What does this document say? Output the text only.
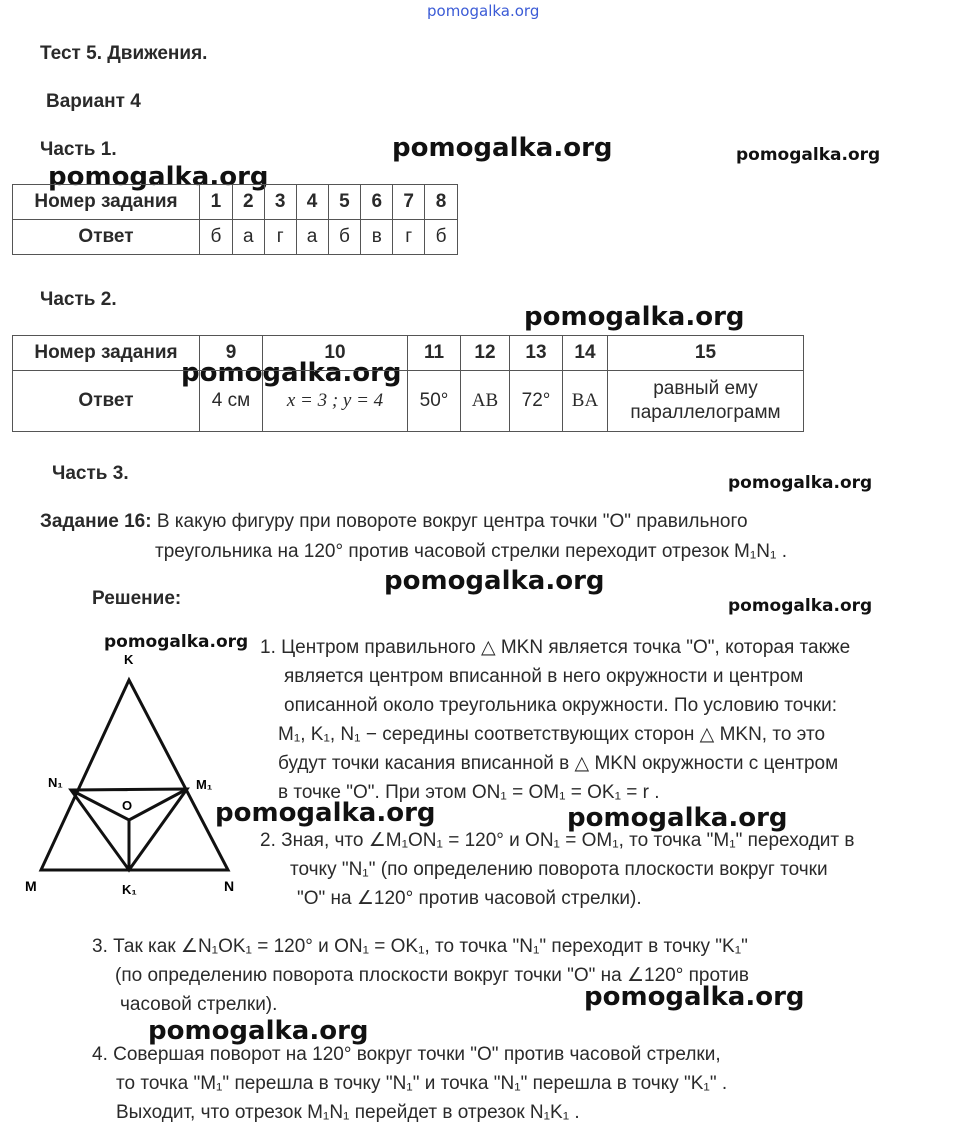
pomogalka.org
pomogalka.org	pomogalka.org
pomogalka.org
pomogalka.org
pomogalka.org
pomogalka.org
pomogalka.org
pomogalka.org
pomogalka.org
pomogalka.org	pomogalka.org
pomogalka.org
pomogalka.org
Тест 5. Движения.
Вариант 4
Часть 1.
Номер задания	1	2	3	4	5	6	7	8
Ответ	б	а	г	а	б	в	г	б
Часть 2.
Номер задания	9	10	11	12	13	14	15
Ответ	4 см	x = 3 ; y = 4	50°	AB	72°	BA	равный ему параллелограмм
Часть 3.
Задание 16: В какую фигуру при повороте вокруг центра точки "О" правильного
треугольника на 120° против часовой стрелки переходит отрезок M₁N₁ .
Решение:
1. Центром правильного △ MKN является точка "О", которая также
является центром вписанной в него окружности и центром
описанной около треугольника окружности. По условию точки:
M₁, K₁, N₁ − середины соответствующих сторон △ MKN, то это
будут точки касания вписанной в △ MKN окружности с центром
в точке "О". При этом ON₁ = OM₁ = OK₁ = r .
2. Зная, что ∠M₁ON₁ = 120° и ON₁ = OM₁, то точка "M₁" переходит в
точку "N₁" (по определению поворота плоскости вокруг точки
"О" на ∠120° против часовой стрелки).
3. Так как ∠N₁OK₁ = 120° и ON₁ = OK₁, то точка "N₁" переходит в точку "K₁"
(по определению поворота плоскости вокруг точки "О" на ∠120° против
часовой стрелки).
4. Совершая поворот на 120° вокруг точки "O" против часовой стрелки,
то точка "M₁" перешла в точку "N₁" и точка "N₁" перешла в точку "K₁" .
Выходит, что отрезок M₁N₁ перейдет в отрезок N₁K₁ .
K
M	N
N₁	M₁
K₁
O
